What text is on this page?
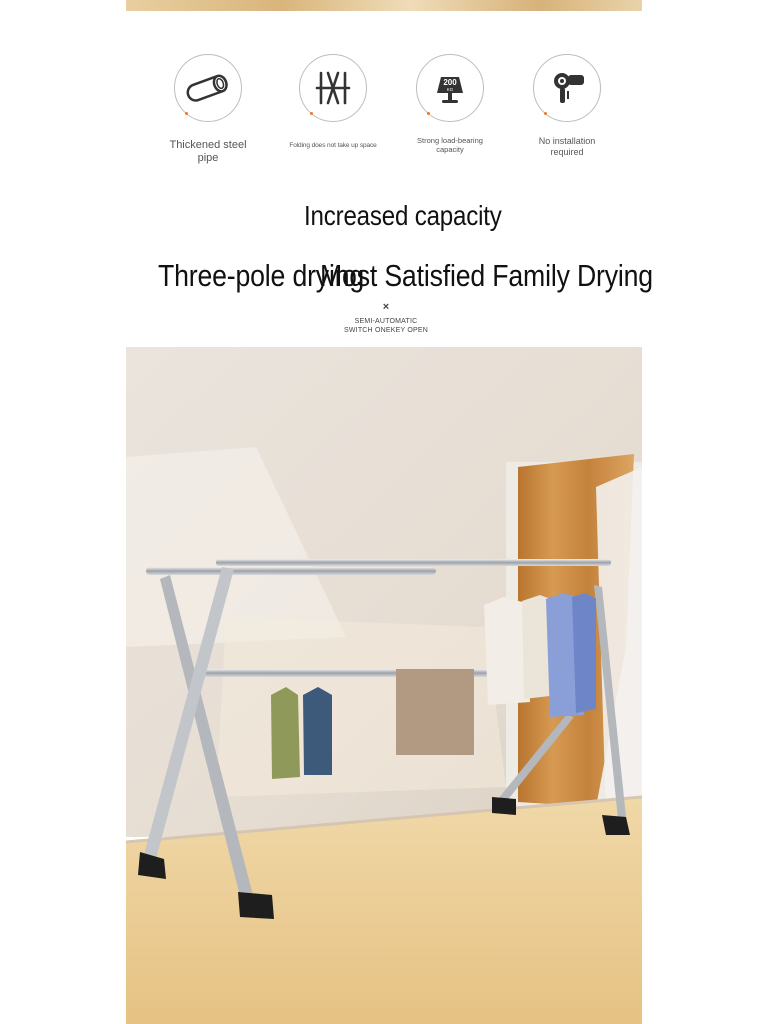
Thickened steel pipe
Folding does not take up space
200
KG
Strong load-bearing capacity
No installation required
Increased capacity
Three-pole drying
Most Satisfied Family Drying
×
SEMI-AUTOMATIC
SWITCH ONEKEY OPEN
